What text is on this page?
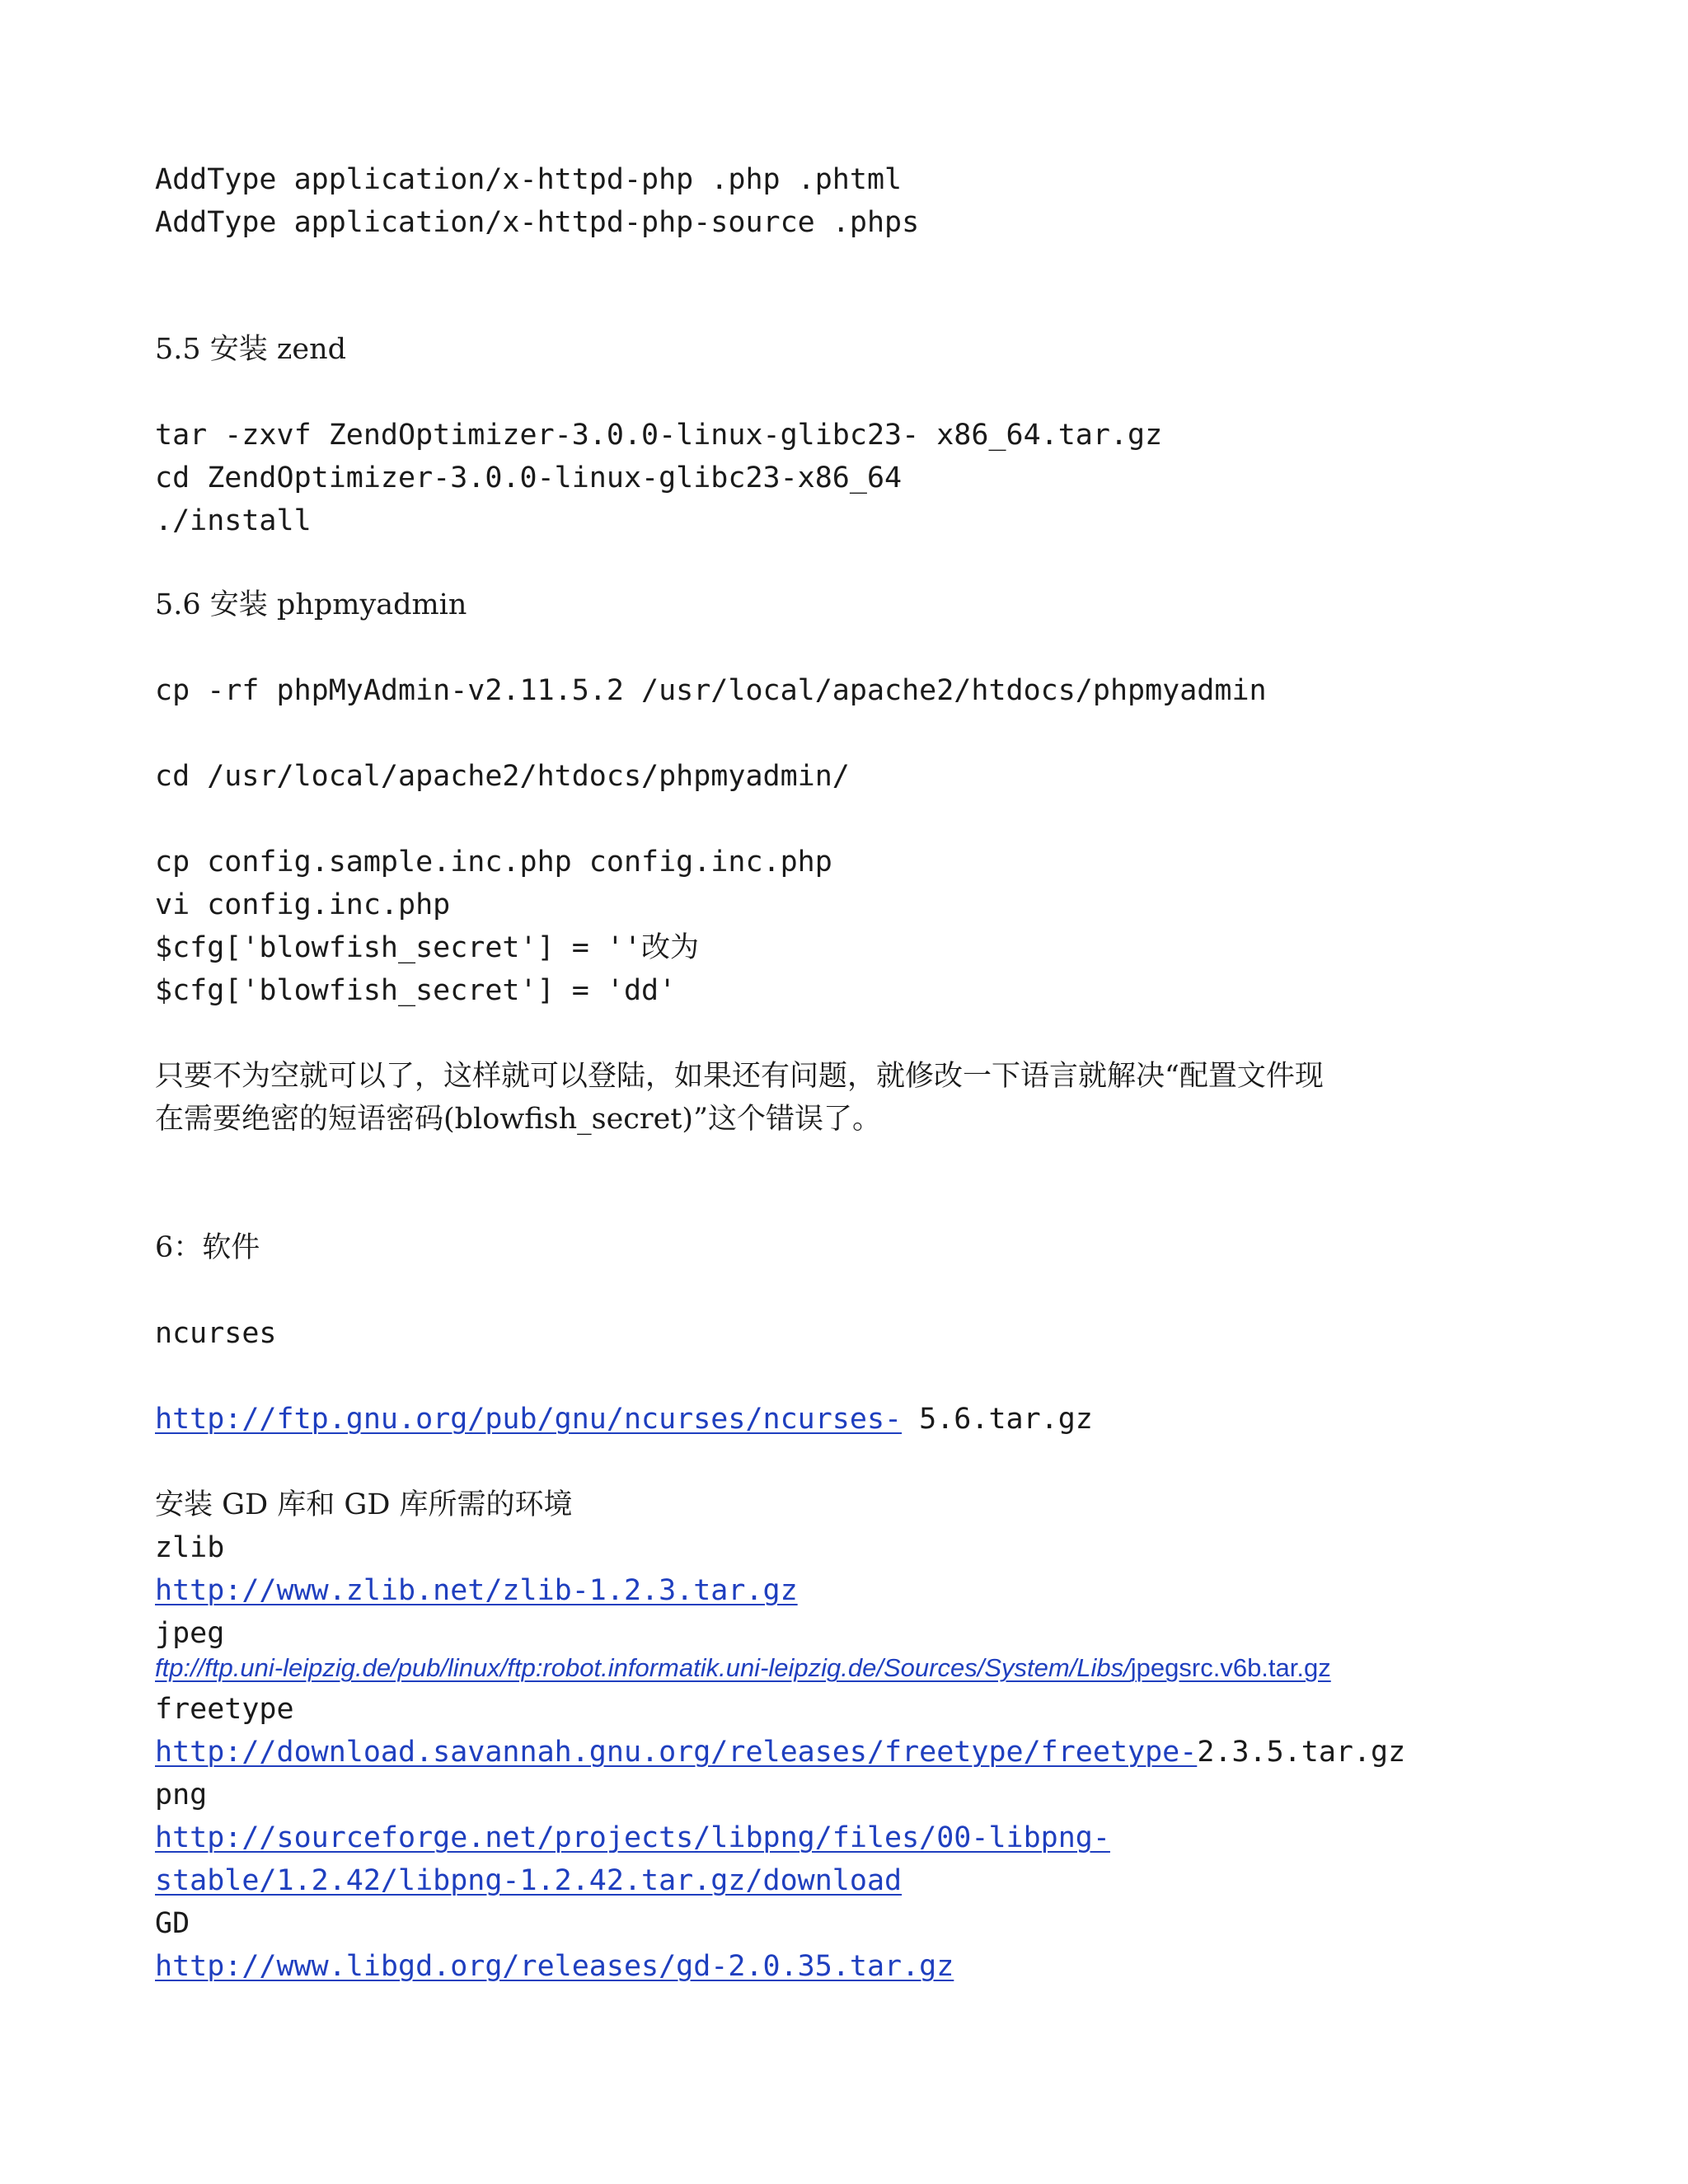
AddType application/x-httpd-php .php .phtml

AddType application/x-httpd-php-source .phps

5.5 安装 zend

tar -zxvf ZendOptimizer-3.0.0-linux-glibc23- x86_64.tar.gz

cd ZendOptimizer-3.0.0-linux-glibc23-x86_64

./install

5.6 安装 phpmyadmin

cp -rf phpMyAdmin-v2.11.5.2 /usr/local/apache2/htdocs/phpmyadmin

cd /usr/local/apache2/htdocs/phpmyadmin/

cp config.sample.inc.php config.inc.php

vi config.inc.php

$cfg['blowfish_secret'] = ''改为

$cfg['blowfish_secret'] = 'dd'

只要不为空就可以了，这样就可以登陆，如果还有问题，就修改一下语言就解决“配置文件现

在需要绝密的短语密码(blowfish_secret)”这个错误了。

6：软件

ncurses

http://ftp.gnu.org/pub/gnu/ncurses/ncurses- 5.6.tar.gz

安装 GD 库和 GD 库所需的环境

zlib

http://www.zlib.net/zlib-1.2.3.tar.gz

jpeg

ftp://ftp.uni-leipzig.de/pub/linux/ftp:robot.informatik.uni-leipzig.de/Sources/System/Libs/jpegsrc.v6b.tar.gz

freetype

http://download.savannah.gnu.org/releases/freetype/freetype-2.3.5.tar.gz

png

http://sourceforge.net/projects/libpng/files/00-libpng-

stable/1.2.42/libpng-1.2.42.tar.gz/download

GD

http://www.libgd.org/releases/gd-2.0.35.tar.gz
